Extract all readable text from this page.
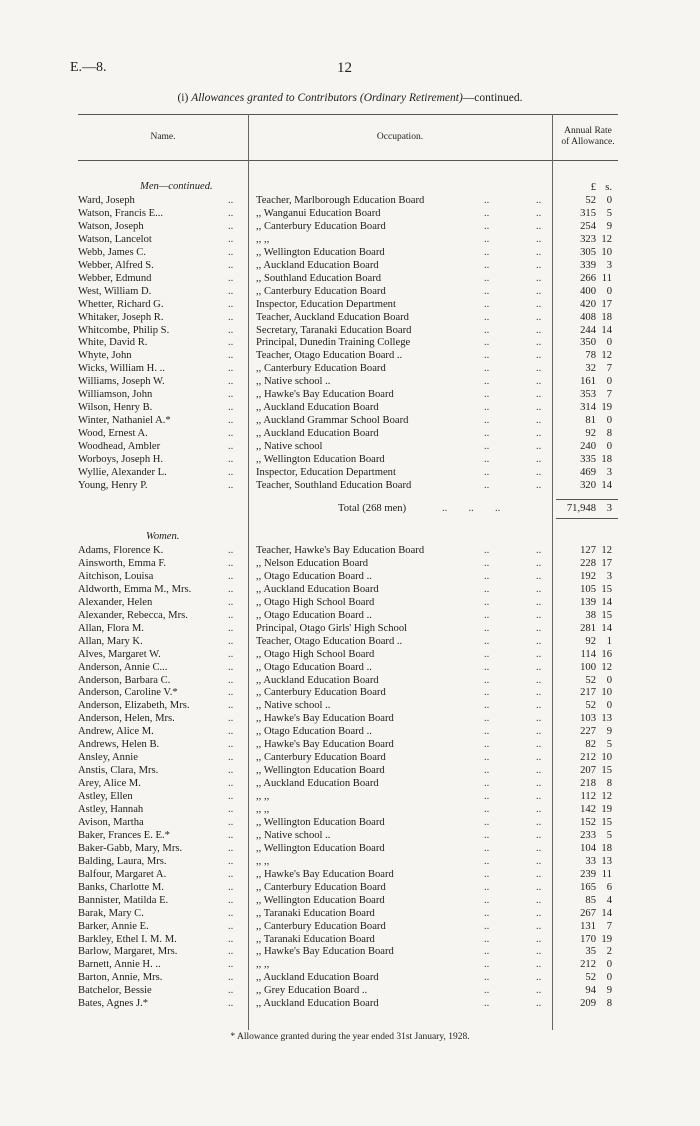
E.—8.	12
(i) Allowances granted to Contributors (Ordinary Retirement)—continued.
Name.	Occupation.
Annual Rate
of Allowance.
Men—continued.	£ s.
Ward, Joseph	.. Teacher, Marlborough Education Board	..	..	52	0
Watson, Francis E...	.. ,, Wanganui Education Board	..	..	315	5
Watson, Joseph	.. ,, Canterbury Education Board	..	..	254	9
Watson, Lancelot	.. ,, ,,	..	..	323 12
Webb, James C.	.. ,, Wellington Education Board	..	..	305 10
Webber, Alfred S.	.. ,, Auckland Education Board	..	..	339	3
Webber, Edmund	.. ,, Southland Education Board	..	..	266 11
West, William D.	.. ,, Canterbury Education Board	..	..	400	0
Whetter, Richard G.	.. Inspector, Education Department	..	..	420 17
Whitaker, Joseph R.	.. Teacher, Auckland Education Board	..	..	408 18
Whitcombe, Philip S.	.. Secretary, Taranaki Education Board	..	..	244 14
White, David R.	.. Principal, Dunedin Training College	..	..	350	0
Whyte, John	.. Teacher, Otago Education Board ..	..	..	78 12
Wicks, William H. ..	.. ,, Canterbury Education Board	..	..	32	7
Williams, Joseph W.	.. ,, Native school ..	..	..	161	0
Williamson, John	.. ,, Hawke's Bay Education Board	..	..	353	7
Wilson, Henry B.	.. ,, Auckland Education Board	..	..	314 19
Winter, Nathaniel A.*	.. ,, Auckland Grammar School Board	..	..	81	0
Wood, Ernest A.	.. ,, Auckland Education Board	..	..	92	8
Woodhead, Ambler	.. ,, Native school	..	..	240	0
Worboys, Joseph H.	.. ,, Wellington Education Board	..	..	335 18
Wyllie, Alexander L.	.. Inspector, Education Department	..	..	469	3
Young, Henry P.	.. Teacher, Southland Education Board	..	..	320 14
Total (268 men)	.. .. ..	71,948	3
Women.
Adams, Florence K.	.. Teacher, Hawke's Bay Education Board	..	..	127 12
Ainsworth, Emma F.	.. ,, Nelson Education Board	..	..	228 17
Aitchison, Louisa	.. ,, Otago Education Board ..	..	..	192	3
Aldworth, Emma M., Mrs.	.. ,, Auckland Education Board	..	..	105 15
Alexander, Helen	.. ,, Otago High School Board	..	..	139 14
Alexander, Rebecca, Mrs.	.. ,, Otago Education Board ..	..	..	38 15
Allan, Flora M.	.. Principal, Otago Girls' High School	..	..	281 14
Allan, Mary K.	.. Teacher, Otago Education Board ..	..	..	92	1
Alves, Margaret W.	.. ,, Otago High School Board	..	..	114 16
Anderson, Annie C...	.. ,, Otago Education Board ..	..	..	100 12
Anderson, Barbara C.	.. ,, Auckland Education Board	..	..	52	0
Anderson, Caroline V.*	.. ,, Canterbury Education Board	..	..	217 10
Anderson, Elizabeth, Mrs.	.. ,, Native school ..	..	..	52	0
Anderson, Helen, Mrs.	.. ,, Hawke's Bay Education Board	..	..	103 13
Andrew, Alice M.	.. ,, Otago Education Board ..	..	..	227	9
Andrews, Helen B.	.. ,, Hawke's Bay Education Board	..	..	82	5
Ansley, Annie	.. ,, Canterbury Education Board	..	..	212 10
Anstis, Clara, Mrs.	.. ,, Wellington Education Board	..	..	207 15
Arey, Alice M.	.. ,, Auckland Education Board	..	..	218	8
Astley, Ellen	.. ,, ,,	..	..	112 12
Astley, Hannah	.. ,, ,,	..	..	142 19
Avison, Martha	.. ,, Wellington Education Board	..	..	152 15
Baker, Frances E. E.*	.. ,, Native school ..	..	..	233	5
Baker-Gabb, Mary, Mrs.	.. ,, Wellington Education Board	..	..	104 18
Balding, Laura, Mrs.	.. ,, ,,	..	..	33 13
Balfour, Margaret A.	.. ,, Hawke's Bay Education Board	..	..	239 11
Banks, Charlotte M.	.. ,, Canterbury Education Board	..	..	165	6
Bannister, Matilda E.	.. ,, Wellington Education Board	..	..	85	4
Barak, Mary C.	.. ,, Taranaki Education Board	..	..	267 14
Barker, Annie E.	.. ,, Canterbury Education Board	..	..	131	7
Barkley, Ethel I. M. M.	.. ,, Taranaki Education Board	..	..	170 19
Barlow, Margaret, Mrs.	.. ,, Hawke's Bay Education Board	..	..	35	2
Barnett, Annie H. ..	.. ,, ,,	..	..	212	0
Barton, Annie, Mrs.	.. ,, Auckland Education Board	..	..	52	0
Batchelor, Bessie	.. ,, Grey Education Board ..	..	..	94	9
Bates, Agnes J.*	.. ,, Auckland Education Board	..	..	209	8
* Allowance granted during the year ended 31st January, 1928.
